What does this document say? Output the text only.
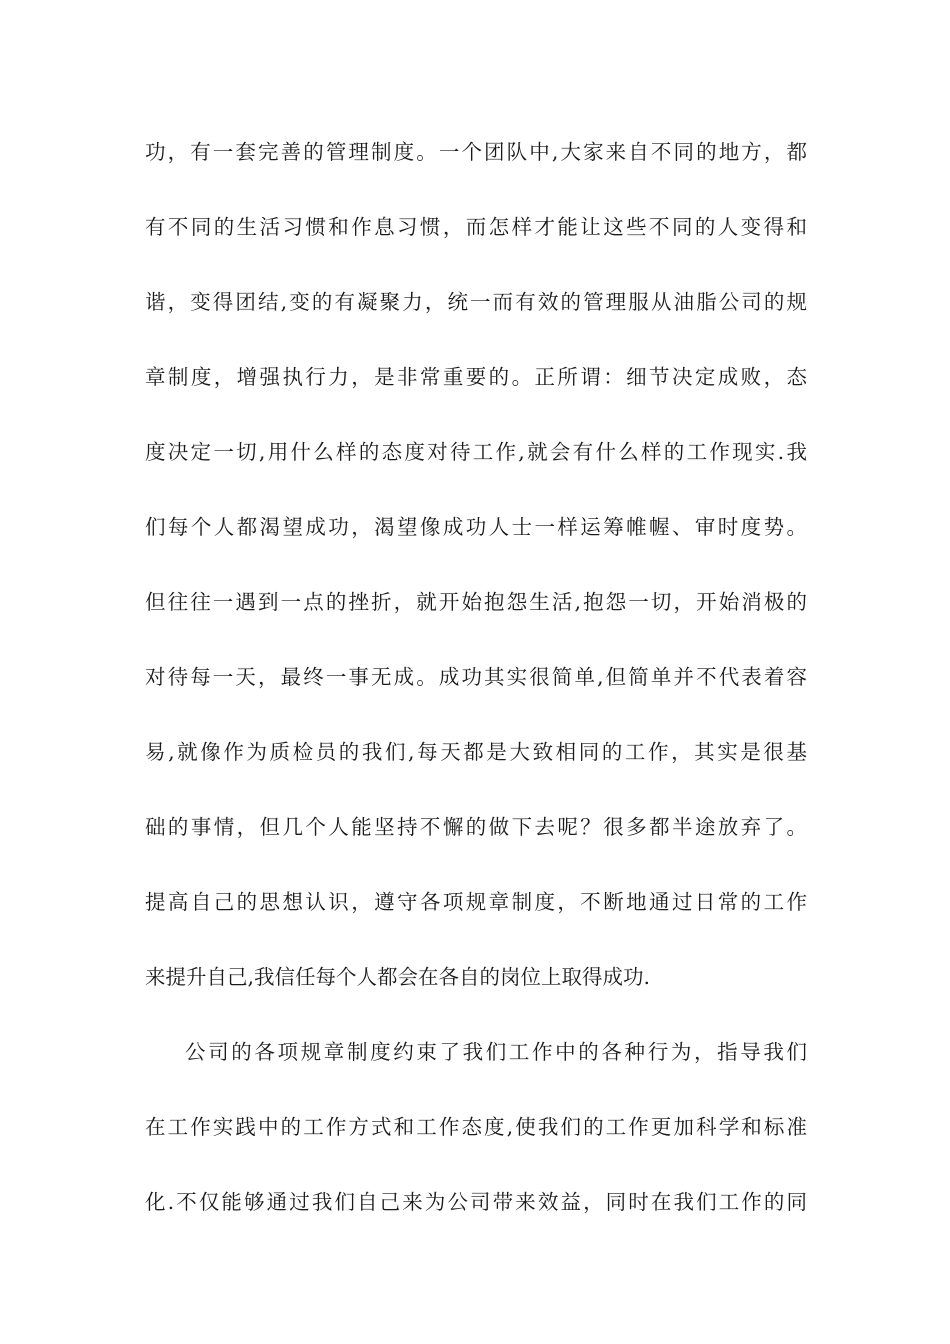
功，有一套完善的管理制度。一个团队中,大家来自不同的地方，都
有不同的生活习惯和作息习惯，而怎样才能让这些不同的人变得和
谐，变得团结,变的有凝聚力，统一而有效的管理服从油脂公司的规
章制度，增强执行力，是非常重要的。正所谓：细节决定成败，态
度决定一切,用什么样的态度对待工作,就会有什么样的工作现实.我
们每个人都渴望成功，渴望像成功人士一样运筹帷幄、审时度势。
但往往一遇到一点的挫折，就开始抱怨生活,抱怨一切，开始消极的
对待每一天，最终一事无成。成功其实很简单,但简单并不代表着容
易,就像作为质检员的我们,每天都是大致相同的工作，其实是很基
础的事情，但几个人能坚持不懈的做下去呢？很多都半途放弃了。
提高自己的思想认识，遵守各项规章制度，不断地通过日常的工作
来提升自己,我信任每个人都会在各自的岗位上取得成功.
公司的各项规章制度约束了我们工作中的各种行为，指导我们
在工作实践中的工作方式和工作态度,使我们的工作更加科学和标准
化.不仅能够通过我们自己来为公司带来效益，同时在我们工作的同
